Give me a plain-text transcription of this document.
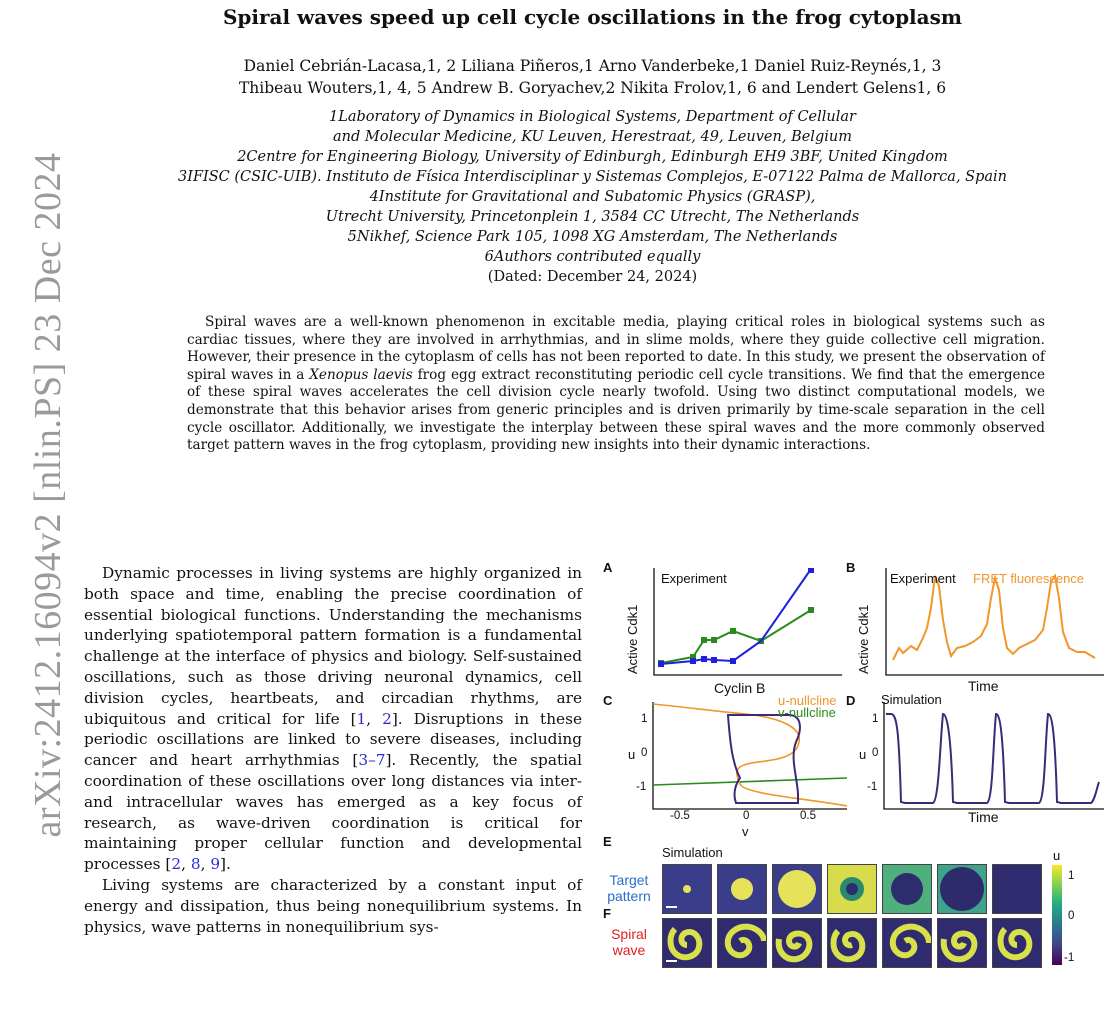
arXiv:2412.16094v2 [nlin.PS] 23 Dec 2024
Spiral waves speed up cell cycle oscillations in the frog cytoplasm
Daniel Cebrián-Lacasa,1, 2 Liliana Piñeros,1 Arno Vanderbeke,1 Daniel Ruiz-Reynés,1, 3
Thibeau Wouters,1, 4, 5 Andrew B. Goryachev,2 Nikita Frolov,1, 6 and Lendert Gelens1, 6
1Laboratory of Dynamics in Biological Systems, Department of Cellular
and Molecular Medicine, KU Leuven, Herestraat, 49, Leuven, Belgium
2Centre for Engineering Biology, University of Edinburgh, Edinburgh EH9 3BF, United Kingdom
3IFISC (CSIC-UIB). Instituto de Física Interdisciplinar y Sistemas Complejos, E-07122 Palma de Mallorca, Spain
4Institute for Gravitational and Subatomic Physics (GRASP),
Utrecht University, Princetonplein 1, 3584 CC Utrecht, The Netherlands
5Nikhef, Science Park 105, 1098 XG Amsterdam, The Netherlands
6Authors contributed equally
(Dated: December 24, 2024)
Spiral waves are a well-known phenomenon in excitable media, playing critical roles in biological systems such as cardiac tissues, where they are involved in arrhythmias, and in slime molds, where they guide collective cell migration. However, their presence in the cytoplasm of cells has not been reported to date. In this study, we present the observation of spiral waves in a Xenopus laevis frog egg extract reconstituting periodic cell cycle transitions. We find that the emergence of these spiral waves accelerates the cell division cycle nearly twofold. Using two distinct computational models, we demonstrate that this behavior arises from generic principles and is driven primarily by time-scale separation in the cell cycle oscillator. Additionally, we investigate the interplay between these spiral waves and the more commonly observed target pattern waves in the frog cytoplasm, providing new insights into their dynamic interactions.

Dynamic processes in living systems are highly organized in both space and time, enabling the precise coordination of essential biological functions. Understanding the mechanisms underlying spatiotemporal pattern formation is a fundamental challenge at the interface of physics and biology. Self-sustained oscillations, such as those driving neuronal dynamics, cell division cycles, heartbeats, and circadian rhythms, are ubiquitous and critical for life [1, 2]. Disruptions in these periodic oscillations are linked to severe diseases, including cancer and heart arrhythmias [3–7]. Recently, the spatial coordination of these oscillations over long distances via inter- and intracellular waves has emerged as a key focus of research, as wave-driven coordination is critical for maintaining proper cellular function and developmental processes [2, 8, 9].

Living systems are characterized by a constant input of energy and dissipation, thus being nonequilibrium systems. In physics, wave patterns in nonequilibrium sys-

A
Experiment
Active Cdk1
Cyclin B
B
Experiment FRET fluorescence
Active Cdk1
Time
C	u-nullcline
v-nullcline
u
1
0
-1
-0.5	0	0.5
v
D Simulation
u
1
0
-1
Time
E
Simulation
Target
pattern
F
Spiral
wave
u
1
0
-1
